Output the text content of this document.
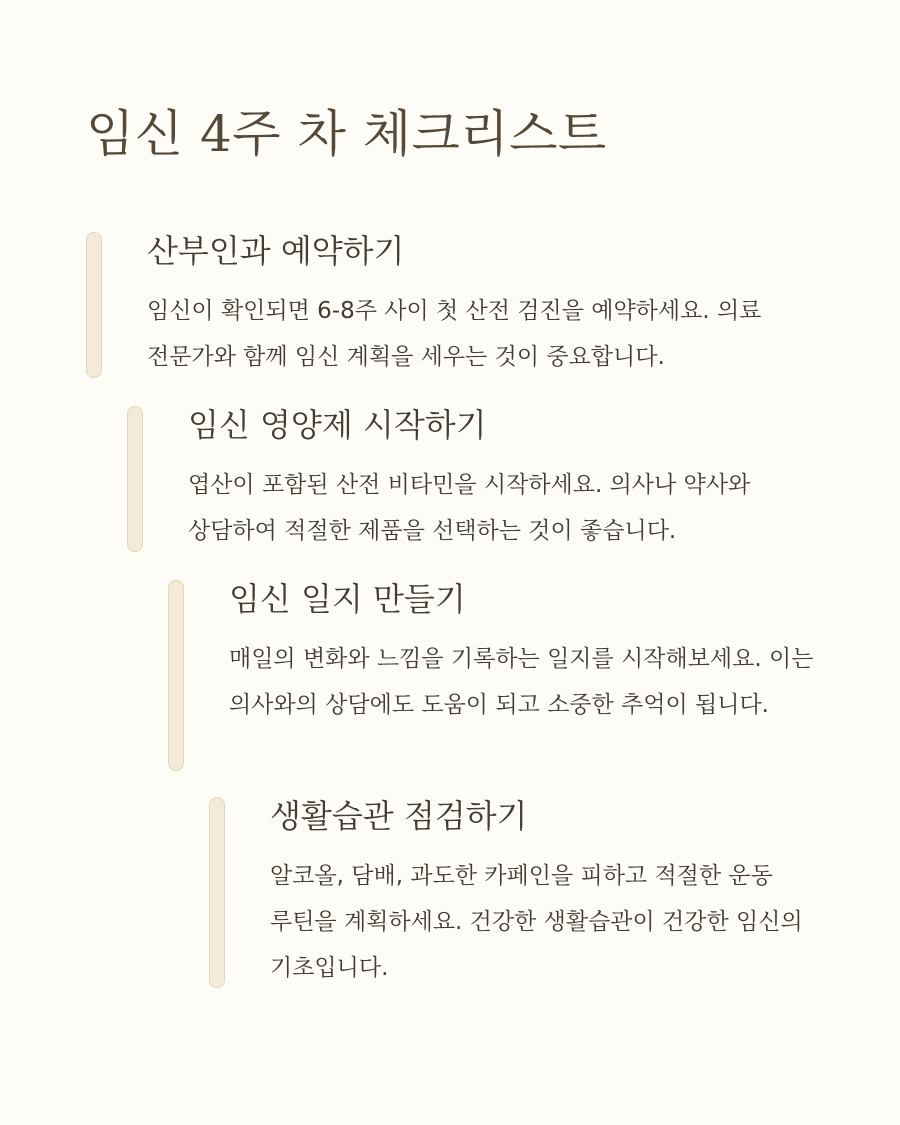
임신 4주 차 체크리스트
산부인과 예약하기

임신이 확인되면 6-8주 사이 첫 산전 검진을 예약하세요. 의료 전문가와 함께 임신 계획을 세우는 것이 중요합니다.

임신 영양제 시작하기

엽산이 포함된 산전 비타민을 시작하세요. 의사나 약사와 상담하여 적절한 제품을 선택하는 것이 좋습니다.

임신 일지 만들기

매일의 변화와 느낌을 기록하는 일지를 시작해보세요. 이는 의사와의 상담에도 도움이 되고 소중한 추억이 됩니다.

생활습관 점검하기

알코올, 담배, 과도한 카페인을 피하고 적절한 운동 루틴을 계획하세요. 건강한 생활습관이 건강한 임신의 기초입니다.
